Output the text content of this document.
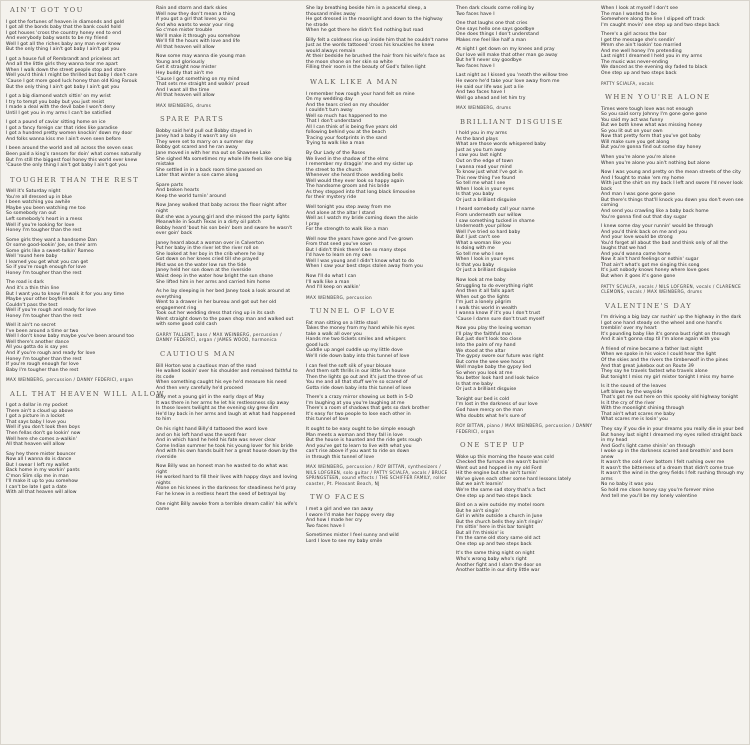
AIN'T GOT YOU
I got the fortunes of heaven in diamonds and gold
I got all the bonds baby that the bank could hold
I got houses 'cross the country honey end to end
And everybody baby wants to be my friend
Well I got all the riches baby any man ever knew
But the only thing I ain't got baby I ain't got you
I got a house full of Rembrandt and priceless art
And all the little girls they wanna tear me apart
When I walk down the street people stop and stare
Well you'd think I might be thrilled but baby I don't care
'Cause I got more good luck honey than old King Farouk
But the only thing I ain't got baby I ain't got you
I got a big diamond watch sittin' on my wrist
I try to tempt you baby but you just resist
I made a deal with the devil babe I won't deny
Until I get you in my arms I can't be satisfied
I got a pound of caviar sitting home on ice
I got a fancy foreign car that rides like paradise
I got a hundred pretty women knockin' down my door
And folks wanna kiss me I ain't even seen before
I been around the world and all across the seven seas
Been paid a king's ransom for doin' what comes naturally
But I'm still the biggest fool honey this world ever knew
'Cause the only thing I ain't got baby I ain't got you
TOUGHER THAN THE REST
Well it's Saturday night
You're all dressed up in blue
I been watching you awhile
Maybe you been watching me too
So somebody ran out
Left somebody's heart in a mess
Well if you're looking for love
Honey I'm tougher than the rest
Some girls they want a handsome Dan
Or some good-lookin' Joe, on their arm
Some girls like a sweet-talkin' Romeo
Well 'round here baby
I learned you get what you can get
So if you're rough enough for love
Honey I'm tougher than the rest
The road is dark
And it's a thin thin line
But I want you to know I'll walk it for you any time
Maybe your other boyfriends
Couldn't pass the test
Well if you're rough and ready for love
Honey I'm tougher than the rest
Well it ain't no secret
I've been around a time or two
Well I don't know baby maybe you've been around too
Well there's another dance
All you gotta do is say yes
And if you're rough and ready for love
Honey I'm tougher than the rest
If you're rough enough for love
Baby I'm tougher than the rest
MAX WEINBERG, percussion / DANNY FEDERICI, organ
ALL THAT HEAVEN WILL ALLOW
I got a dollar in my pocket
There ain't a cloud up above
I got a picture in a locket
That says baby I love you
Well if you don't look then boys
Then fellas don't go lookin' now
Well here she comes a-walkin'
All that heaven will allow
Say hey there mister bouncer
Now all I wanna do is dance
But I swear I left my wallet
Back home in my workin' pants
C'mon Slim slip me in man
I'll make it up to you somehow
I can't be late I got a date
With all that heaven will allow
Rain and storm and dark skies
Well now they don't mean a thing
If you got a girl that loves you
And who wants to wear your ring
So c'mon mister trouble
We'll make it through you somehow
We'll fill the hours with love and life
All that heaven will allow
Now some may wanna die young man
Young and gloriously
Get it straight now mister
Hey buddy that ain't me
'Cause I got something on my mind
That sets me straight and walkin' proud
And I want all the time
All that heaven will allow
MAX WEINBERG, drums
SPARE PARTS
Bobby said he'd pull out Bobby stayed in
Janey had a baby it wasn't any sin
They were set to marry on a summer day
Bobby got scared and he ran away
Jane moved in with her ma out on Shawnee Lake
She sighed Ma sometimes my whole life feels like one big mistake
She settled in in a back room time passed on
Later that winter a son came along
Spare parts
And broken hearts
Keep the world turnin' around
Now Janey walked that baby across the floor night after night
But she was a young girl and she missed the party lights
Meanwhile in South Texas in a dirty oil patch
Bobby heard 'bout his son bein' born and swore he wasn't ever goin' back
Janey heard about a woman over in Calverton
Put her baby in the river let the river roll on
She looked at her boy in the crib where he lay
Got down on her knees cried till she prayed
Mist was on the water low run the tide
Janey held her son down at the riverside
Waist deep in the water how bright the sun shone
She lifted him in her arms and carried him home
As he lay sleeping in her bed Janey took a look around at everything
Went to a drawer in her bureau and got out her old engagement ring
Took out her wedding dress that ring up in its sash
Went straight down to the pawn shop man and walked out with some good cold cash
GARRY TALLENT, bass / MAX WEINBERG, percussion / DANNY FEDERICI, organ / JAMES WOOD, harmonica
CAUTIOUS MAN
Bill Horton was a cautious man of the road
He walked lookin' over his shoulder and remained faithful to its code
When something caught his eye he'd measure his need
And then very carefully he'd proceed
Billy met a young girl in the early days of May
It was there in her arms he let his restlessness slip away
In those lovers twilight as the evening sky grew dim
He'd lay back in her arms and laugh at what had happened to him
On his right hand Billy'd tattooed the word love
and on his left hand was the word fear
And in which hand he held his fate was never clear
Come Indian summer he took his young lover for his bride
And with his own hands built her a great house down by the riverside
Now Billy was an honest man he wasted to do what was right
He worked hard to fill their lives with happy days and loving nights
Alone on his knees in the darkness for steadiness he'd pray
For he knew in a restless heart the seed of betrayal lay
One night Billy awoke from a terrible dream callin' his wife's name
She lay breathing beside him in a peaceful sleep, a thousand miles away
He got dressed in the moonlight and down to the highway he strode
When he got there he didn't find nothing but road
Billy felt a coldness rise up inside him that he couldn't name
Just as the words tattooed 'cross his knuckles he knew would always remain
At their bedside he brushed the hair from his wife's face as the moon shone on her skin so white
Filling their room in the beauty of God's fallen light
WALK LIKE A MAN
I remember how rough your hand felt on mine
On my wedding day
And the tears cried on my shoulder
I couldn't turn away
Well so much has happened to me
That I don't understand
All I can think of is being five years old
following behind you at the beach
Tracing your footprints in the sand
Trying to walk like a man
By Our Lady of the Roses
We lived in the shadow of the elms
I remember my draggin' me and my sister up
the street to the church
Whenever she heard those wedding bells
Well would they ever look so happy again
The handsome groom and his bride
As they stepped into that long black limousine
for their mystery ride
Well tonight you step away from me
And alone at the altar I stand
Well as I watch my bride coming down the aisle
I pray
For the strength to walk like a man
Well now the years have gone and I've grown
From that seed you've sown
But I didn't think there'd be so many steps
I'd have to learn on my own
Well I was young and I didn't know what to do
When I saw your best steps stolen away from you
Now I'll do what I can
I'll walk like a man
And I'll keep on walkin'
MAX WEINBERG, percussion
TUNNEL OF LOVE
Fat man sitting on a little stool
Takes the money from my hand while his eyes
take a walk all over you
Hands me two tickets smiles and whispers
good luck
Cuddle up angel cuddle up my little dove
We'll ride down baby into this tunnel of love
I can feel the soft silk of your blouse
And them soft thrills in our little fun house
Then the lights go out and it's just the three of us
You me and all that stuff we're so scared of
Gotta ride down baby into this tunnel of love
There's a crazy mirror showing us both in 5-D
I'm laughing at you you're laughing at me
There's a room of shadows that gets so dark brother
It's easy for two people to lose each other in
this tunnel of love
It ought to be easy ought to be simple enough
Man meets a woman and they fall in love
But the house is haunted and the ride gets rough
And you've got to learn to live with what you
can't rise above if you want to ride on down
in through this tunnel of love
MAX WEINBERG, percussion / ROY BITTAN, synthesizers / NILS LOFGREN, solo guitar / PATTY SCIALFA, vocals / BRUCE SPRINGSTEEN, sound effects / THE SCHIFFER FAMILY, roller coaster, Pt. Pleasant Beach, NJ
TWO FACES
I met a girl and we ran away
I swore I'd make her happy every day
And how I made her cry
Two faces have I
Sometimes mister I feel sunny and wild
Lord I love to see my baby smile
Then dark clouds come rolling by
Two faces have I
One that laughs one that cries
One says hello one says goodbye
One does things I don't understand
Makes me feel like half a man
At night I get down on my knees and pray
Our love will make that other man go away
But he'll never say goodbye
Two faces have I
Last night as I kissed you 'neath the willow tree
He swore he'd take your love away from me
He said our life was just a lie
And two faces have I
Well go ahead and let him try
MAX WEINBERG, drums
BRILLIANT DISGUISE
I hold you in my arms
As the band plays
What are those words whispered baby
Just as you turn away
I saw you last night
Out on the edge of town
I wanna read your mind
To know just what I've got in
This new thing I've found
So tell me what I see
When I look in your eyes
Is that you baby
Or just a brilliant disguise
I heard somebody call your name
From underneath our willow
I saw something tucked in shame
Underneath your pillow
Well I've tried so hard baby
But I just can't see
What a woman like you
Is doing with me
So tell me who I see
When I look in your eyes
Is that you baby
Or just a brilliant disguise
Now look at me baby
Struggling to do everything right
And then it all falls apart
When out go the lights
I'm just a lonely pilgrim
I walk this world in wealth
I wanna know if it's you I don't trust
'Cause I damn sure don't trust myself
Now you play the loving woman
I'll play the faithful man
But just don't look too close
Into the palm of my hand
We stood at the altar
The gypsy swore our future was right
But come the wee wee hours
Well maybe baby the gypsy lied
So when you look at me
You better look hard and look twice
Is that me baby
Or just a brilliant disguise
Tonight our bed is cold
I'm lost in the darkness of our love
God have mercy on the man
Who doubts what he's sure of
ROY BITTAN, piano / MAX WEINBERG, percussion / DANNY FEDERICI, organ
ONE STEP UP
Woke up this morning the house was cold
Checked the furnace she wasn't burnin'
Went out and hopped in my old Ford
Hit the engine but she ain't turnin'
We've given each other some hard lessons lately
But we ain't learnin'
We're the same sad story that's a fact
One step up and two steps back
Bird on a wire outside my motel room
But he ain't singin'
Girl in white outside a church in June
But the church bells they ain't ringin'
I'm sittin' here in this bar tonight
But all I'm thinkin' is
I'm the same old story same old act
One step up and two steps back
It's the same thing night on night
Who's wrong baby who's right
Another fight and I slam the door on
Another battle in our dirty little war
When I look at myself I don't see
The man I wanted to be
Somewhere along the line I slipped off track
I'm caught movin' one step up and two steps back
There's a girl across the bar
I get the message she's sendin'
Mmm she ain't lookin' too married
And me well honey I'm pretending
Last night I dreamed I held you in my arms
The music was never-ending
We danced as the evening sky faded to black
One step up and two steps back
PATTY SCIALFA, vocals
WHEN YOU'RE ALONE
Times were tough love was not enough
So you said sorry Johnny I'm gone gone gone
You said my act was funny
But we both knew what was missing honey
So you lit out on your own
Now that pretty form that you've got baby
Will make sure you get along
But you're gonna find out some day honey
When you're alone you're alone
When you're alone you ain't nothing but alone
Now I was young and pretty on the mean streets of the city
And I fought to make 'em my home
With just the shirt on my back I left and swore I'd never look back
And man I was gone gone gone
But there's things that'll knock you down you don't even see coming
And send you crawling like a baby back home
You're gonna find out that day sugar
I knew some day your runnin' would be through
And you'd think back on me and you
And your love would be strong
You'd forget all about the bad and think only of all the laughs that we had
And you'd wanna come home
Now it ain't hard feelings or nothin' sugar
That ain't what's got me singing this song
It's just nobody knows honey where love goes
But when it goes it's gone gone
PATTY SCIALFA, vocals / NILS LOFGREN, vocals / CLARENCE CLEMONS, vocals / MAX WEINBERG, drums
VALENTINE'S DAY
I'm driving a big lazy car rushin' up the highway in the dark
I got one hand steady on the wheel and one hand's tremblin' over my heart
It's pounding baby like it's gonna bust right on through
And it ain't gonna stop til I'm alone again with you
A friend of mine became a father last night
When we spoke in his voice I could hear the light
Of the skies and the rivers the timberwolf in the pines
And that great jukebox out on Route 39
They say he travels fastest who travels alone
But tonight I miss my girl mister tonight I miss my home
Is it the sound of the leaves
Left blown by the wayside
That's got me out here on this spooky old highway tonight
Is it the cry of the river
With the moonlight shining through
That ain't what scares me baby
What scares me is losin' you
They say if you die in your dreams you really die in your bed
But honey last night I dreamed my eyes rolled straight back in my head
And God's light came shinin' on through
I woke up in the darkness scared and breathin' and born anew
It wasn't the cold river bottom I felt rushing over me
It wasn't the bitterness of a dream that didn't come true
It wasn't the wind in the grey fields I felt rushing through my arms
No no baby it was you
So hold me close honey say you're forever mine
And tell me you'll be my lonely valentine
